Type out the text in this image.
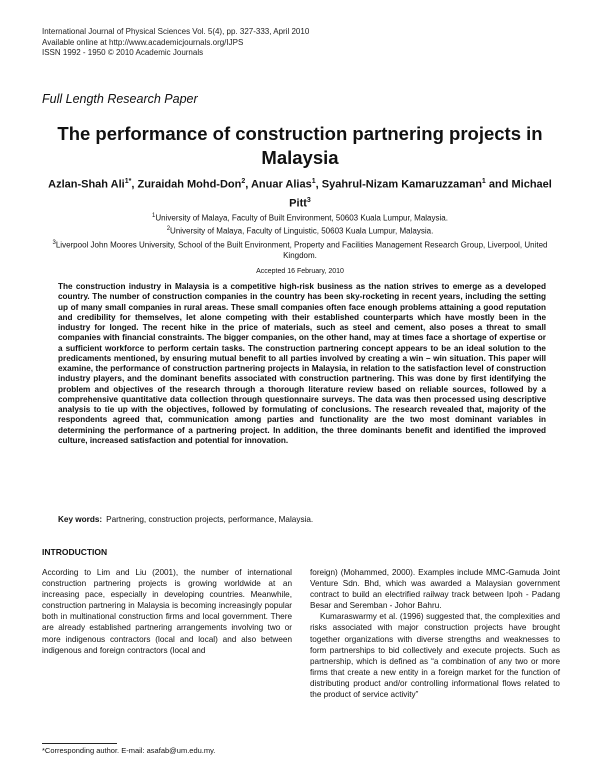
International Journal of Physical Sciences Vol. 5(4), pp. 327-333, April 2010
Available online at http://www.academicjournals.org/IJPS
ISSN 1992 - 1950 © 2010 Academic Journals
Full Length Research Paper
The performance of construction partnering projects in Malaysia
Azlan-Shah Ali$^{1*}$, Zuraidah Mohd-Don$^2$, Anuar Alias$^1$, Syahrul-Nizam Kamaruzzaman$^1$ and Michael Pitt$^3$
$^1$University of Malaya, Faculty of Built Environment, 50603 Kuala Lumpur, Malaysia.
$^2$University of Malaya, Faculty of Linguistic, 50603 Kuala Lumpur, Malaysia.
$^3$Liverpool John Moores University, School of the Built Environment, Property and Facilities Management Research Group, Liverpool, United Kingdom.
Accepted 16 February, 2010
The construction industry in Malaysia is a competitive high-risk business as the nation strives to emerge as a developed country. The number of construction companies in the country has been sky-rocketing in recent years, including the setting up of many small companies in rural areas. These small companies often face enough problems attaining a good reputation and credibility for themselves, let alone competing with their established counterparts which have mostly been in the industry for longed. The recent hike in the price of materials, such as steel and cement, also poses a threat to small companies with financial constraints. The bigger companies, on the other hand, may at times face a shortage of expertise or a sufficient workforce to perform certain tasks. The construction partnering concept appears to be an ideal solution to the predicaments mentioned, by ensuring mutual benefit to all parties involved by creating a win – win situation. This paper will examine, the performance of construction partnering projects in Malaysia, in relation to the satisfaction level of construction industry players, and the dominant benefits associated with construction partnering. This was done by first identifying the problem and objectives of the research through a thorough literature review based on reliable sources, followed by a comprehensive quantitative data collection through questionnaire surveys. The data was then processed using descriptive analysis to tie up with the objectives, followed by formulating of conclusions. The research revealed that, majority of the respondents agreed that, communication among parties and functionality are the two most dominant variables in determining the performance of a partnering project. In addition, the three dominants benefit and identified the improved culture, increased satisfaction and potential for innovation.
Key words: Partnering, construction projects, performance, Malaysia.
INTRODUCTION
According to Lim and Liu (2001), the number of international construction partnering projects is growing worldwide at an increasing pace, especially in developing countries. Meanwhile, construction partnering in Malaysia is becoming increasingly popular both in multinational construction firms and local government. There are already established partnering arrangements involving two or more indigenous contractors (local and local) and also between indigenous and foreign contractors (local and
foreign) (Mohammed, 2000). Examples include MMC-Gamuda Joint Venture Sdn. Bhd, which was awarded a Malaysian government contract to build an electrified railway track between Ipoh - Padang Besar and Seremban - Johor Bahru.
Kumaraswarmy et al. (1996) suggested that, the complexities and risks associated with major construction projects have brought together organizations with diverse strengths and weaknesses to form partnerships to bid collectively and execute projects. Such as partnership, which is defined as “a combination of any two or more firms that create a new entity in a foreign market for the function of distributing product and/or controlling informational flows related to the product of service activity”
*Corresponding author. E-mail: asafab@um.edu.my.
